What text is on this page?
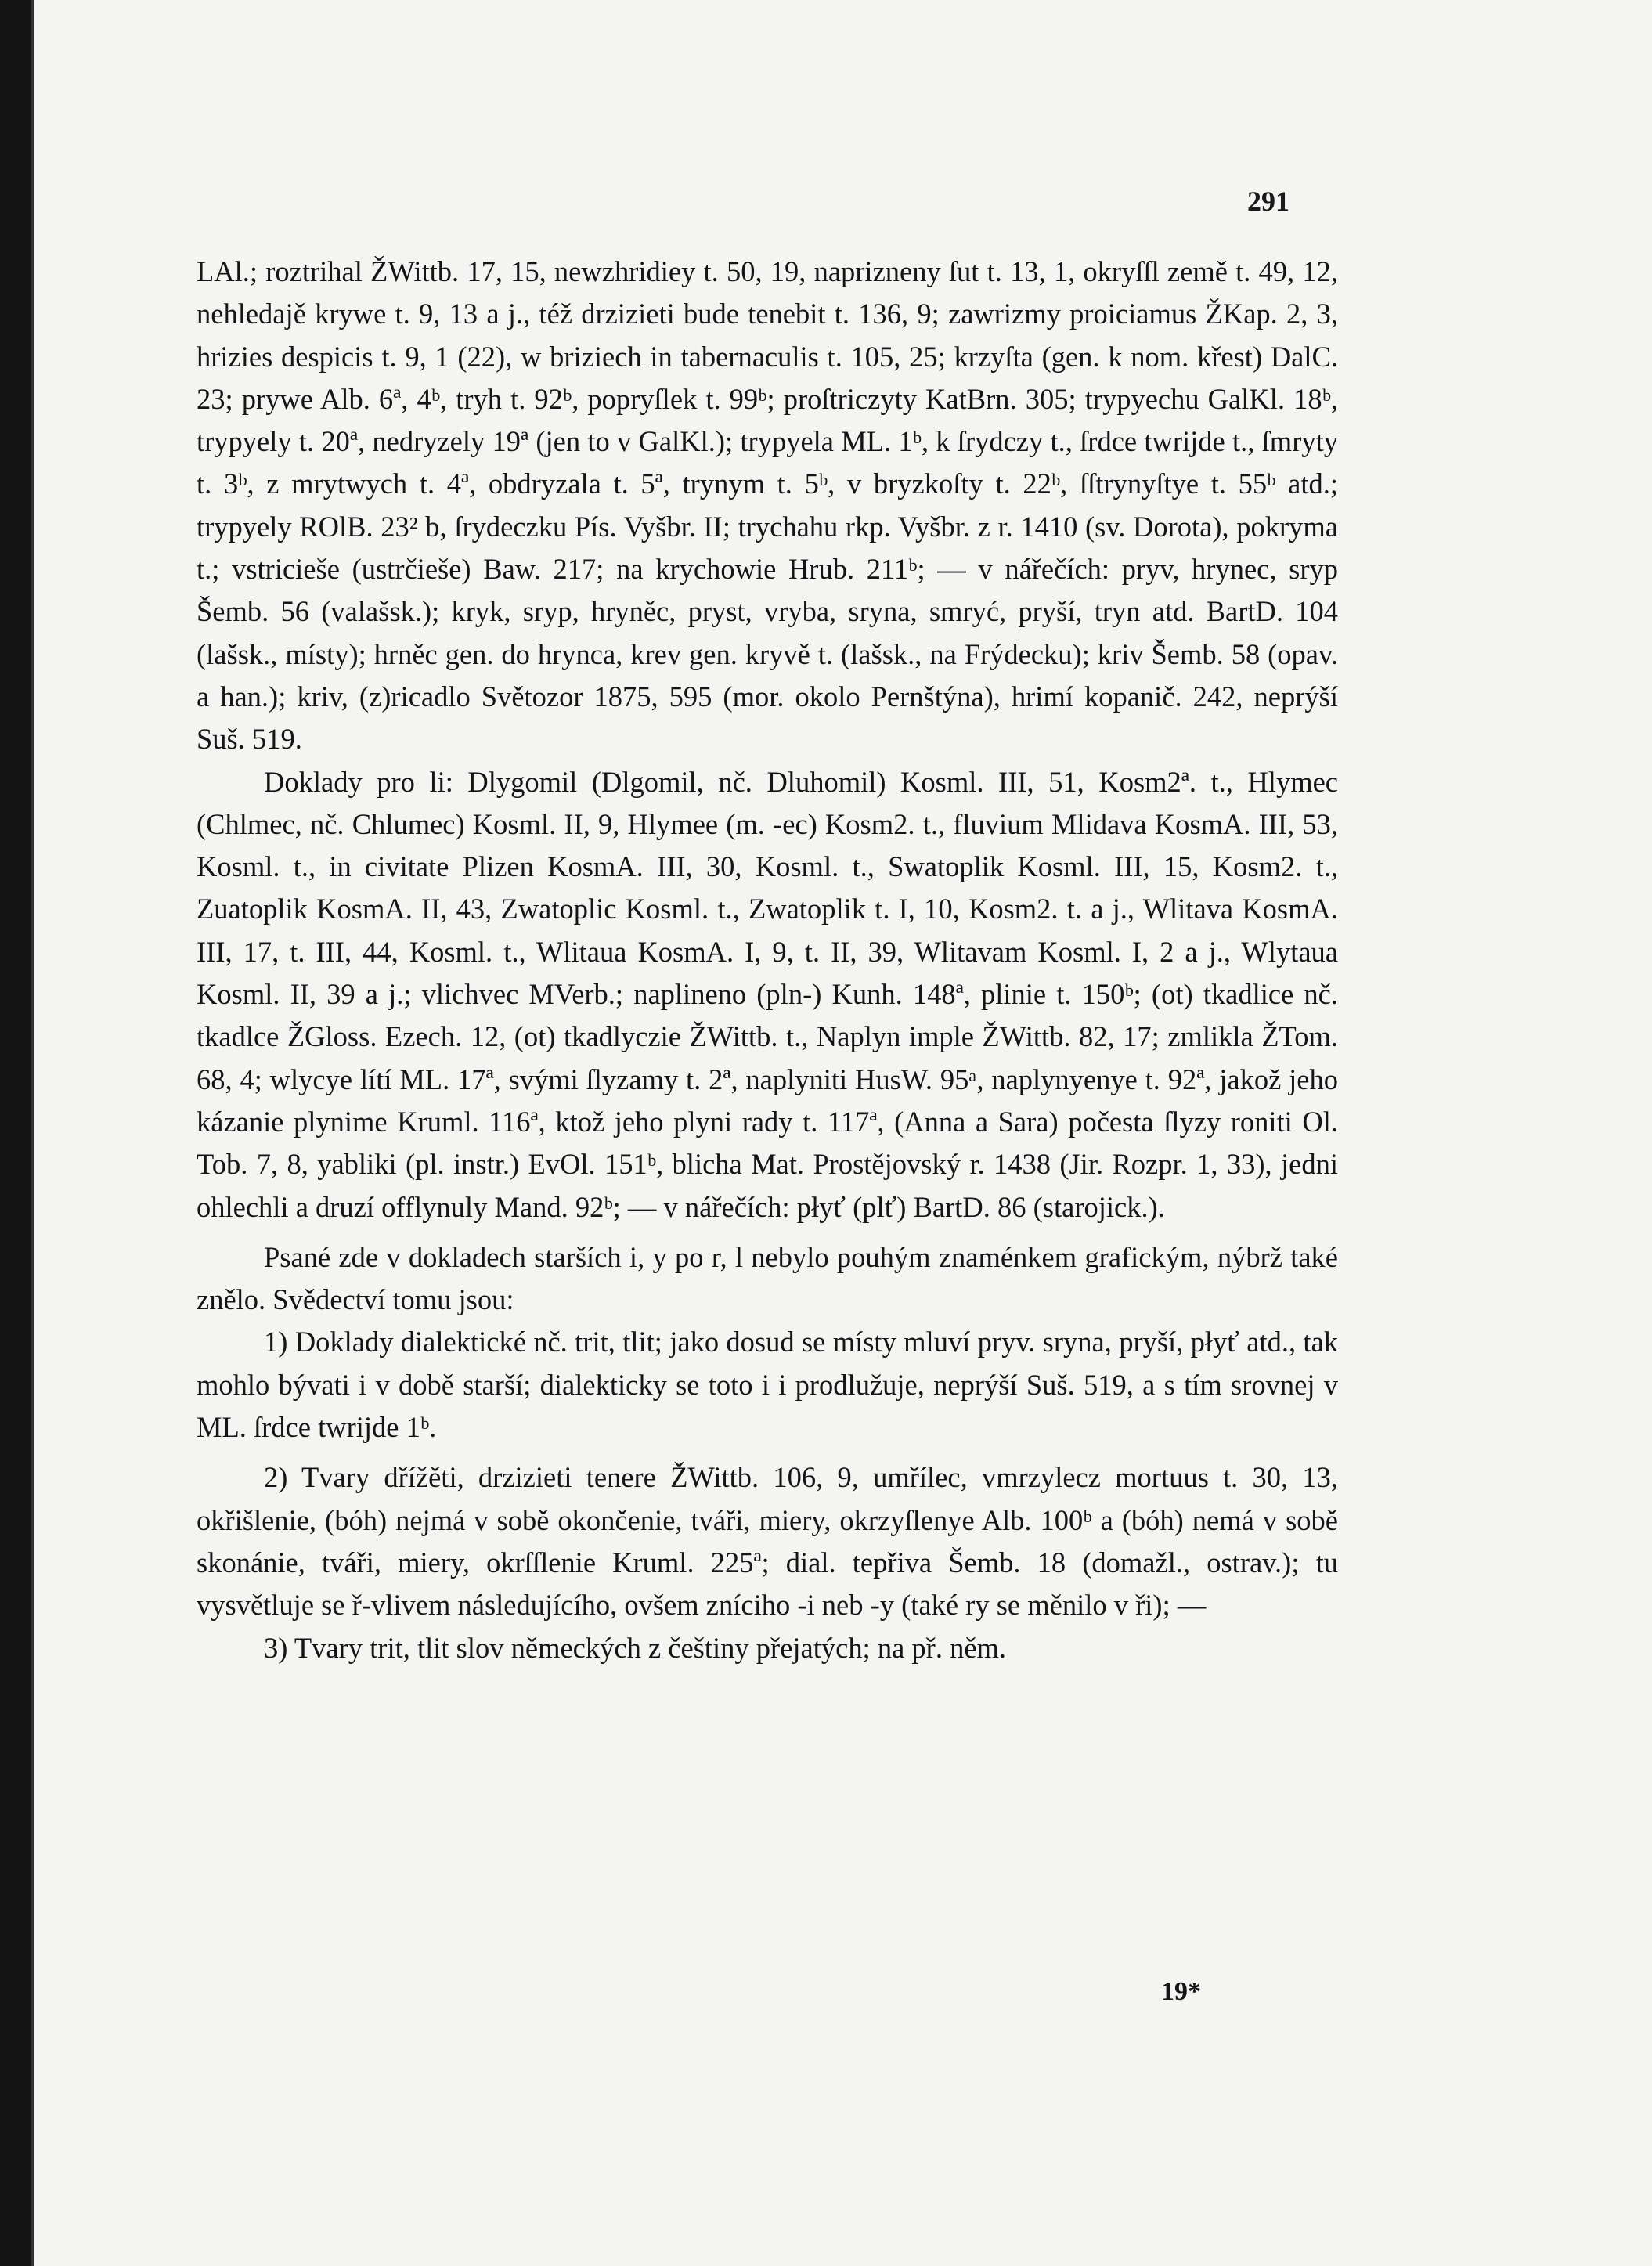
291

LAl.; roztrihal ŽWittb. 17, 15, newzhridiey t. 50, 19, naprizneny ſut t. 13, 1, okryſſl země t. 49, 12, nehledajě krywe t. 9, 13 a j., též drzizieti bude tenebit t. 136, 9; zawrizmy proiciamus ŽKap. 2, 3, hrizies despicis t. 9, 1 (22), w briziech in tabernaculis t. 105, 25; krzyſta (gen. k nom. křest) DalC. 23; prywe Alb. 6ª, 4ᵇ, tryh t. 92ᵇ, popryſlek t. 99ᵇ; proſtriczyty KatBrn. 305; trypyechu GalKl. 18ᵇ, trypyely t. 20ª, nedryzely 19ª (jen to v GalKl.); trypyela ML. 1ᵇ, k ſrydczy t., ſrdce twrijde t., ſmryty t. 3ᵇ, z mrytwych t. 4ª, obdryzala t. 5ª, trynym t. 5ᵇ, v bryzkoſty t. 22ᵇ, ſſtrynyſtye t. 55ᵇ atd.; trypyely ROlB. 23² b, ſrydeczku Pís. Vyšbr. II; trychahu rkp. Vyšbr. z r. 1410 (sv. Dorota), pokryma t.; vstricieše (ustrčieše) Baw. 217; na krychowie Hrub. 211ᵇ; — v nářečích: pryv, hrynec, sryp Šemb. 56 (valašsk.); kryk, sryp, hryněc, pryst, vryba, sryna, smryć, pryší, tryn atd. BartD. 104 (lašsk., místy); hrněc gen. do hrynca, krev gen. kryvě t. (lašsk., na Frýdecku); kriv Šemb. 58 (opav. a han.); kriv, (z)ricadlo Světozor 1875, 595 (mor. okolo Pernštýna), hrimí kopanič. 242, neprýší Suš. 519.

Doklady pro li: Dlygomil (Dlgomil, nč. Dluhomil) Kosml. III, 51, Kosm2ª. t., Hlymec (Chlmec, nč. Chlumec) Kosml. II, 9, Hlymee (m. -ec) Kosm2. t., fluvium Mlidava KosmA. III, 53, Kosml. t., in civitate Plizen KosmA. III, 30, Kosml. t., Swatoplik Kosml. III, 15, Kosm2. t., Zuatoplik KosmA. II, 43, Zwatoplic Kosml. t., Zwatoplik t. I, 10, Kosm2. t. a j., Wlitava KosmA. III, 17, t. III, 44, Kosml. t., Wlitaua KosmA. I, 9, t. II, 39, Wlitavam Kosml. I, 2 a j., Wlytaua Kosml. II, 39 a j.; vlichvec MVerb.; naplineno (pln-) Kunh. 148ª, plinie t. 150ᵇ; (ot) tkadlice nč. tkadlce ŽGloss. Ezech. 12, (ot) tkadlyczie ŽWittb. t., Naplyn imple ŽWittb. 82, 17; zmlikla ŽTom. 68, 4; wlycye lítí ML. 17ª, svými ſlyzamy t. 2ª, naplyniti HusW. 95ᵃ, naplynyenye t. 92ª, jakož jeho kázanie plynime Kruml. 116ª, ktož jeho plyni rady t. 117ª, (Anna a Sara) počesta ſlyzy roniti Ol. Tob. 7, 8, yabliki (pl. instr.) EvOl. 151ᵇ, blicha Mat. Prostějovský r. 1438 (Jir. Rozpr. 1, 33), jedni ohlechli a druzí offlynuly Mand. 92ᵇ; — v nářečích: płyť (plť) BartD. 86 (starojick.).

Psané zde v dokladech starších i, y po r, l nebylo pouhým znaménkem grafickým, nýbrž také znělo. Svědectví tomu jsou:

1) Doklady dialektické nč. trit, tlit; jako dosud se místy mluví pryv. sryna, pryší, płyť atd., tak mohlo bývati i v době starší; dialekticky se toto i i prodlužuje, neprýší Suš. 519, a s tím srovnej v ML. ſrdce twrijde 1ᵇ.

2) Tvary dřížěti, drzizieti tenere ŽWittb. 106, 9, umřílec, vmrzylecz mortuus t. 30, 13, okřišlenie, (bóh) nejmá v sobě okončenie, tváři, miery, okrzyſlenye Alb. 100ᵇ a (bóh) nemá v sobě skonánie, tváři, miery, okrſſlenie Kruml. 225ª; dial. tepřiva Šemb. 18 (domažl., ostrav.); tu vysvětluje se ř-vlivem následujícího, ovšem zníciho -i neb -y (také ry se měnilo v ři); —

3) Tvary trit, tlit slov německých z češtiny přejatých; na př. něm.

19*
